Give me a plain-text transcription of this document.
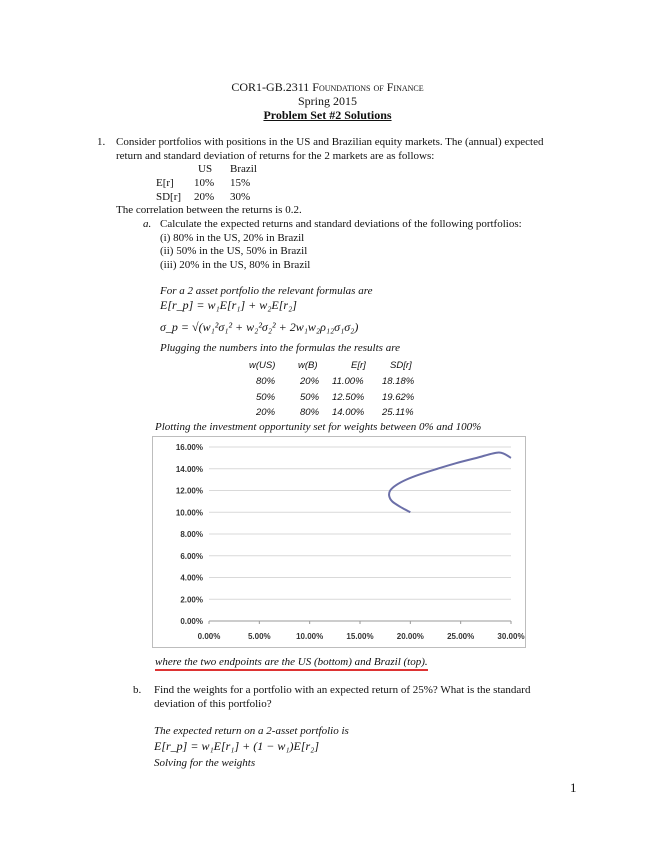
COR1-GB.2311 Foundations of Finance
Spring 2015
Problem Set #2 Solutions
1. Consider portfolios with positions in the US and Brazilian equity markets. The (annual) expected
return and standard deviation of returns for the 2 markets are as follows:
US Brazil
E[r] 10% 15%
SD[r] 20% 30%
The correlation between the returns is 0.2.
a. Calculate the expected returns and standard deviations of the following portfolios:
(i) 80% in the US, 20% in Brazil
(ii) 50% in the US, 50% in Brazil
(iii) 20% in the US, 80% in Brazil
For a 2 asset portfolio the relevant formulas are
E[r_p] = w₁E[r₁] + w₂E[r₂]
σ_p = √(w₁²σ₁² + w₂²σ₂² + 2w₁w₂ρ₁₂σ₁σ₂)
Plugging the numbers into the formulas the results are
w(US) w(B)	E[r]	SD[r]
80%	20% 11.00% 18.18%
50%	50% 12.50% 19.62%
20%	80% 14.00% 25.11%
Plotting the investment opportunity set for weights between 0% and 100%
0.00%
2.00%
4.00%
6.00%
8.00%
10.00%
12.00%
14.00%
16.00%
0.00%	5.00%	10.00%	15.00%	20.00%	25.00%	30.00%
where the two endpoints are the US (bottom) and Brazil (top).
b. Find the weights for a portfolio with an expected return of 25%? What is the standard
deviation of this portfolio?
The expected return on a 2-asset portfolio is
E[r_p] = w₁E[r₁] + (1 − w₁)E[r₂]
Solving for the weights
1
